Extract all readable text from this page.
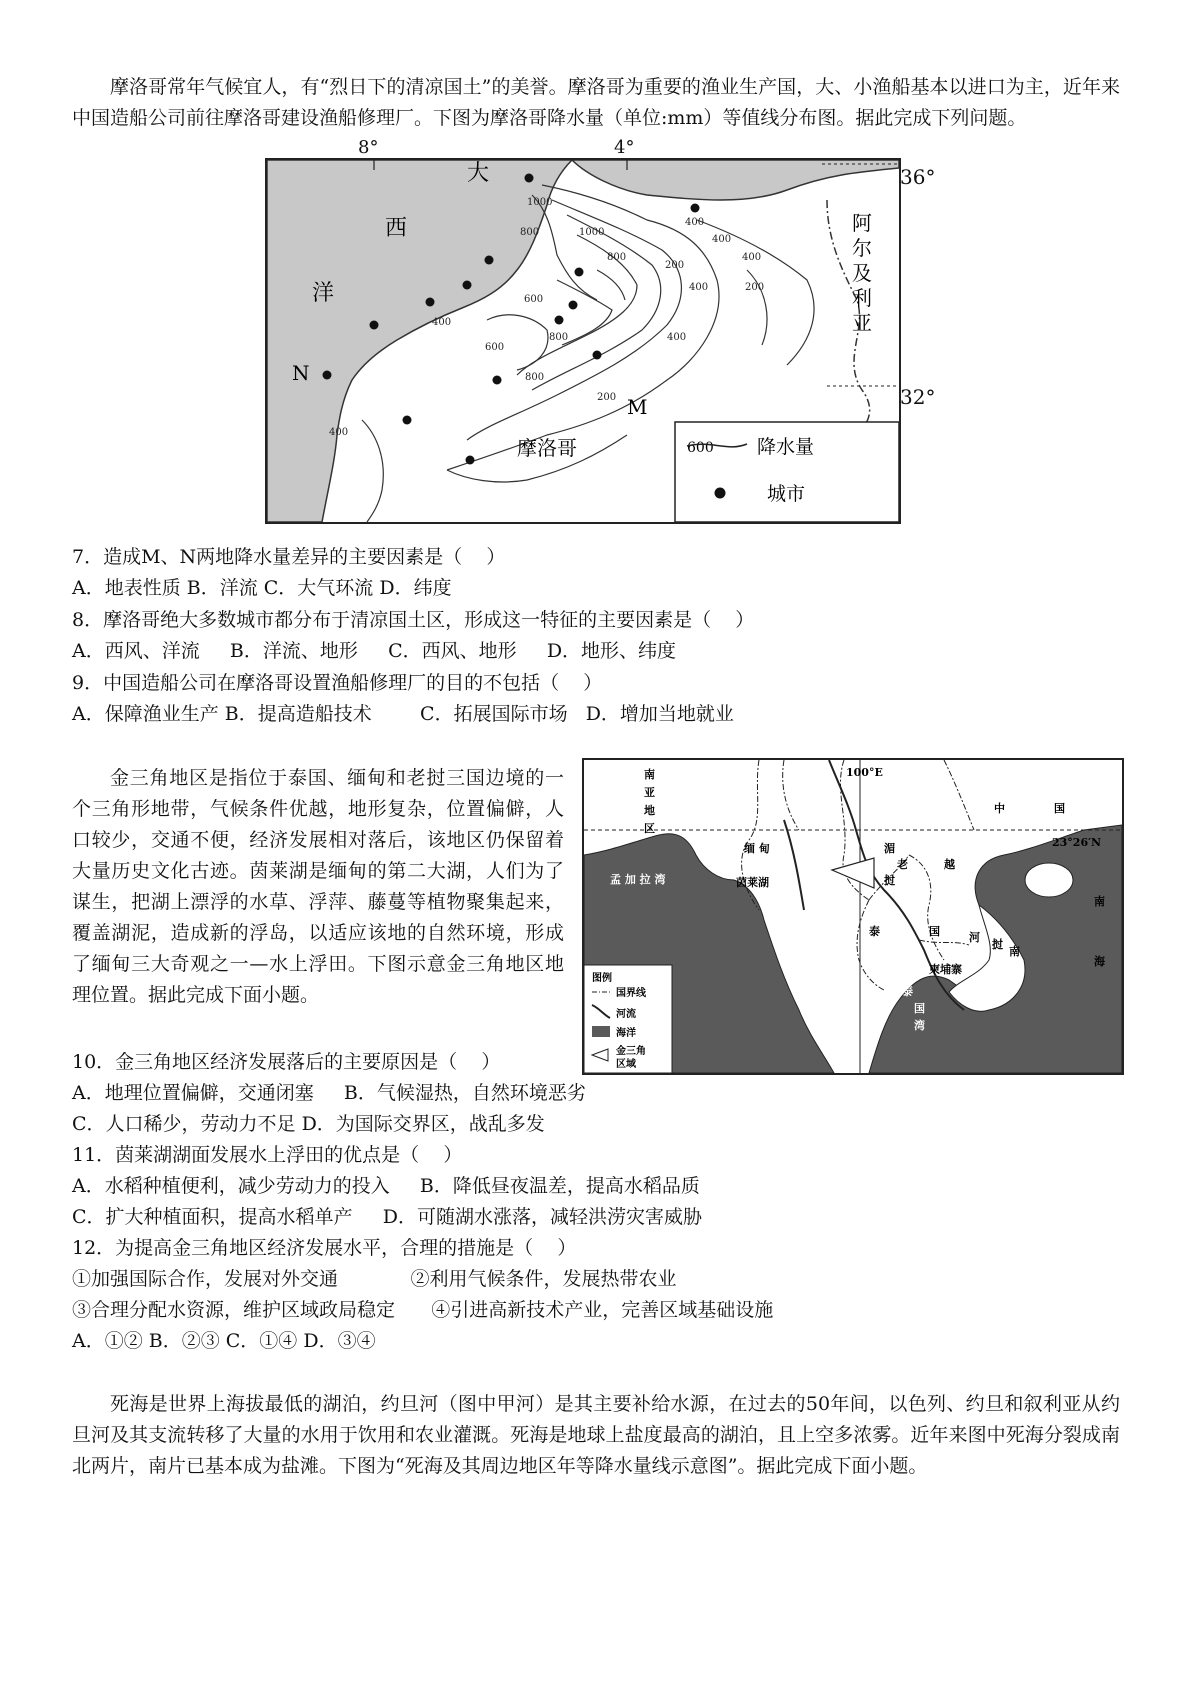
摩洛哥常年气候宜人，有“烈日下的清凉国土”的美誉。摩洛哥为重要的渔业生产国，大、小渔船基本以进口为主，近年来中国造船公司前往摩洛哥建设渔船修理厂。下图为摩洛哥降水量（单位:mm）等值线分布图。据此完成下列问题。

大
西
洋
N
M
摩洛哥
阿
尔
及
利
亚
1000
1000
800
800
800
800
600
600
400
400
400
400
400
400
400
200
200
200
600 降水量
城市
8°	4°
36°
32°
7．造成M、N两地降水量差异的主要因素是（    ）
A．地表性质 B．洋流 C．大气环流 D．纬度
8．摩洛哥绝大多数城市都分布于清凉国土区，形成这一特征的主要因素是（    ）
A．西风、洋流     B．洋流、地形     C．西风、地形     D．地形、纬度
9．中国造船公司在摩洛哥设置渔船修理厂的目的不包括（    ）
A．保障渔业生产 B．提高造船技术        C．拓展国际市场   D．增加当地就业

金三角地区是指位于泰国、缅甸和老挝三国边境的一个三角形地带，气候条件优越，地形复杂，位置偏僻，人口较少，交通不便，经济发展相对落后，该地区仍保留着大量历史文化古迹。茵莱湖是缅甸的第二大湖，人们为了谋生，把湖上漂浮的水草、浮萍、藤蔓等植物聚集起来，覆盖湖泥，造成新的浮岛，以适应该地的自然环境，形成了缅甸三大奇观之一—水上浮田。下图示意金三角地区地理位置。据此完成下面小题。

南
亚
地
区
100°E
中	国
23°26′N
缅 甸
茵莱湖
湄
老
挝
越
泰	国	河
挝
南
柬埔寨
南
海
孟 加 拉 湾
安
达
曼
海	泰
国
湾
图例
国界线
河流
海洋
金三角
区域
10．金三角地区经济发展落后的主要原因是（    ）
A．地理位置偏僻，交通闭塞     B．气候湿热，自然环境恶劣
C．人口稀少，劳动力不足 D．为国际交界区，战乱多发
11．茵莱湖湖面发展水上浮田的优点是（    ）
A．水稻种植便利，减少劳动力的投入     B．降低昼夜温差，提高水稻品质
C．扩大种植面积，提高水稻单产     D．可随湖水涨落，减轻洪涝灾害威胁
12．为提高金三角地区经济发展水平，合理的措施是（    ）
①加强国际合作，发展对外交通            ②利用气候条件，发展热带农业
③合理分配水资源，维护区域政局稳定      ④引进高新技术产业，完善区域基础设施
A．①② B．②③ C．①④ D．③④

死海是世界上海拔最低的湖泊，约旦河（图中甲河）是其主要补给水源，在过去的50年间，以色列、约旦和叙利亚从约旦河及其支流转移了大量的水用于饮用和农业灌溉。死海是地球上盐度最高的湖泊，且上空多浓雾。近年来图中死海分裂成南北两片，南片已基本成为盐滩。下图为“死海及其周边地区年等降水量线示意图”。据此完成下面小题。
